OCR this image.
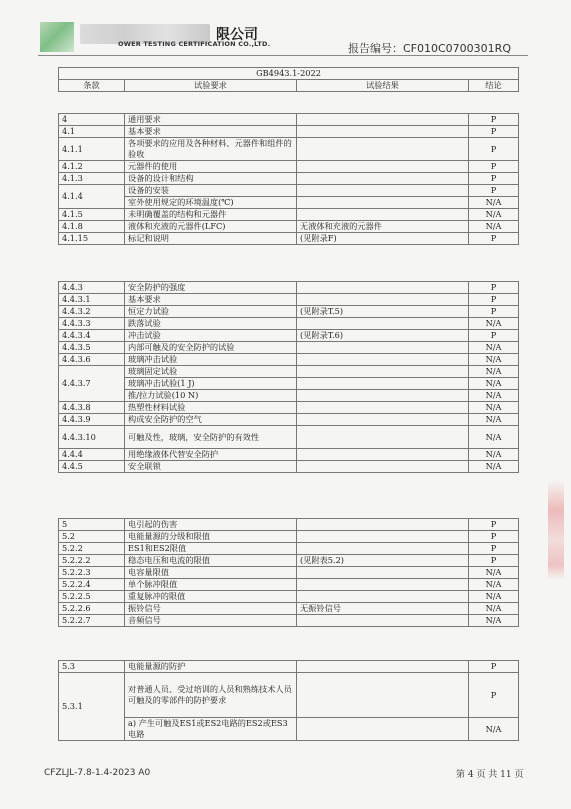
限公司
OWER TESTING CERTIFICATION CO.,LTD.	报告编号：CF010C0700301RQ
GB4943.1-2022
条款	试验要求	试验结果	结论
4	通用要求		P
4.1	基本要求		P
4.1.1	各项要求的应用及各种材料、元器件和组件的验收		P
4.1.2	元器件的使用		P
4.1.3	设备的设计和结构		P
4.1.4	设备的安装		P
	室外使用规定的环境温度(℃)		N/A
4.1.5	未明确覆盖的结构和元器件		N/A
4.1.8	液体和充液的元器件(LFC)	无液体和充液的元器件	N/A
4.1.15	标记和说明	(见附录F)	P
4.4.3	安全防护的强度		P
4.4.3.1	基本要求		P
4.4.3.2	恒定力试验	(见附录T.5)	P
4.4.3.3	跌落试验		N/A
4.4.3.4	冲击试验	(见附录T.6)	P
4.4.3.5	内部可触及的安全防护的试验		N/A
4.4.3.6	玻璃冲击试验		N/A
4.4.3.7	玻璃固定试验		N/A
	玻璃冲击试验(1 J)		N/A
	推/拉力试验(10 N)		N/A
4.4.3.8	热塑性材料试验		N/A
4.4.3.9	构成安全防护的空气		N/A
4.4.3.10	可触及性，玻璃，安全防护的有效性		N/A
4.4.4	用绝缘液体代替安全防护		N/A
4.4.5	安全联锁		N/A
5	电引起的伤害		P
5.2	电能量源的分级和限值		P
5.2.2	ES1和ES2限值		P
5.2.2.2	稳态电压和电流的限值	(见附表5.2)	P
5.2.2.3	电容量限值		N/A
5.2.2.4	单个脉冲限值		N/A
5.2.2.5	重复脉冲的限值		N/A
5.2.2.6	振铃信号	无振铃信号	N/A
5.2.2.7	音频信号		N/A
5.3	电能量源的防护		P
5.3.1	对普通人员、受过培训的人员和熟练技术人员可触及的零部件的防护要求		P
	a) 产生可触及ES1或ES2电路的ES2或ES3电路		N/A
CFZLJL-7.8-1.4-2023 A0	第 4 页 共 11 页
